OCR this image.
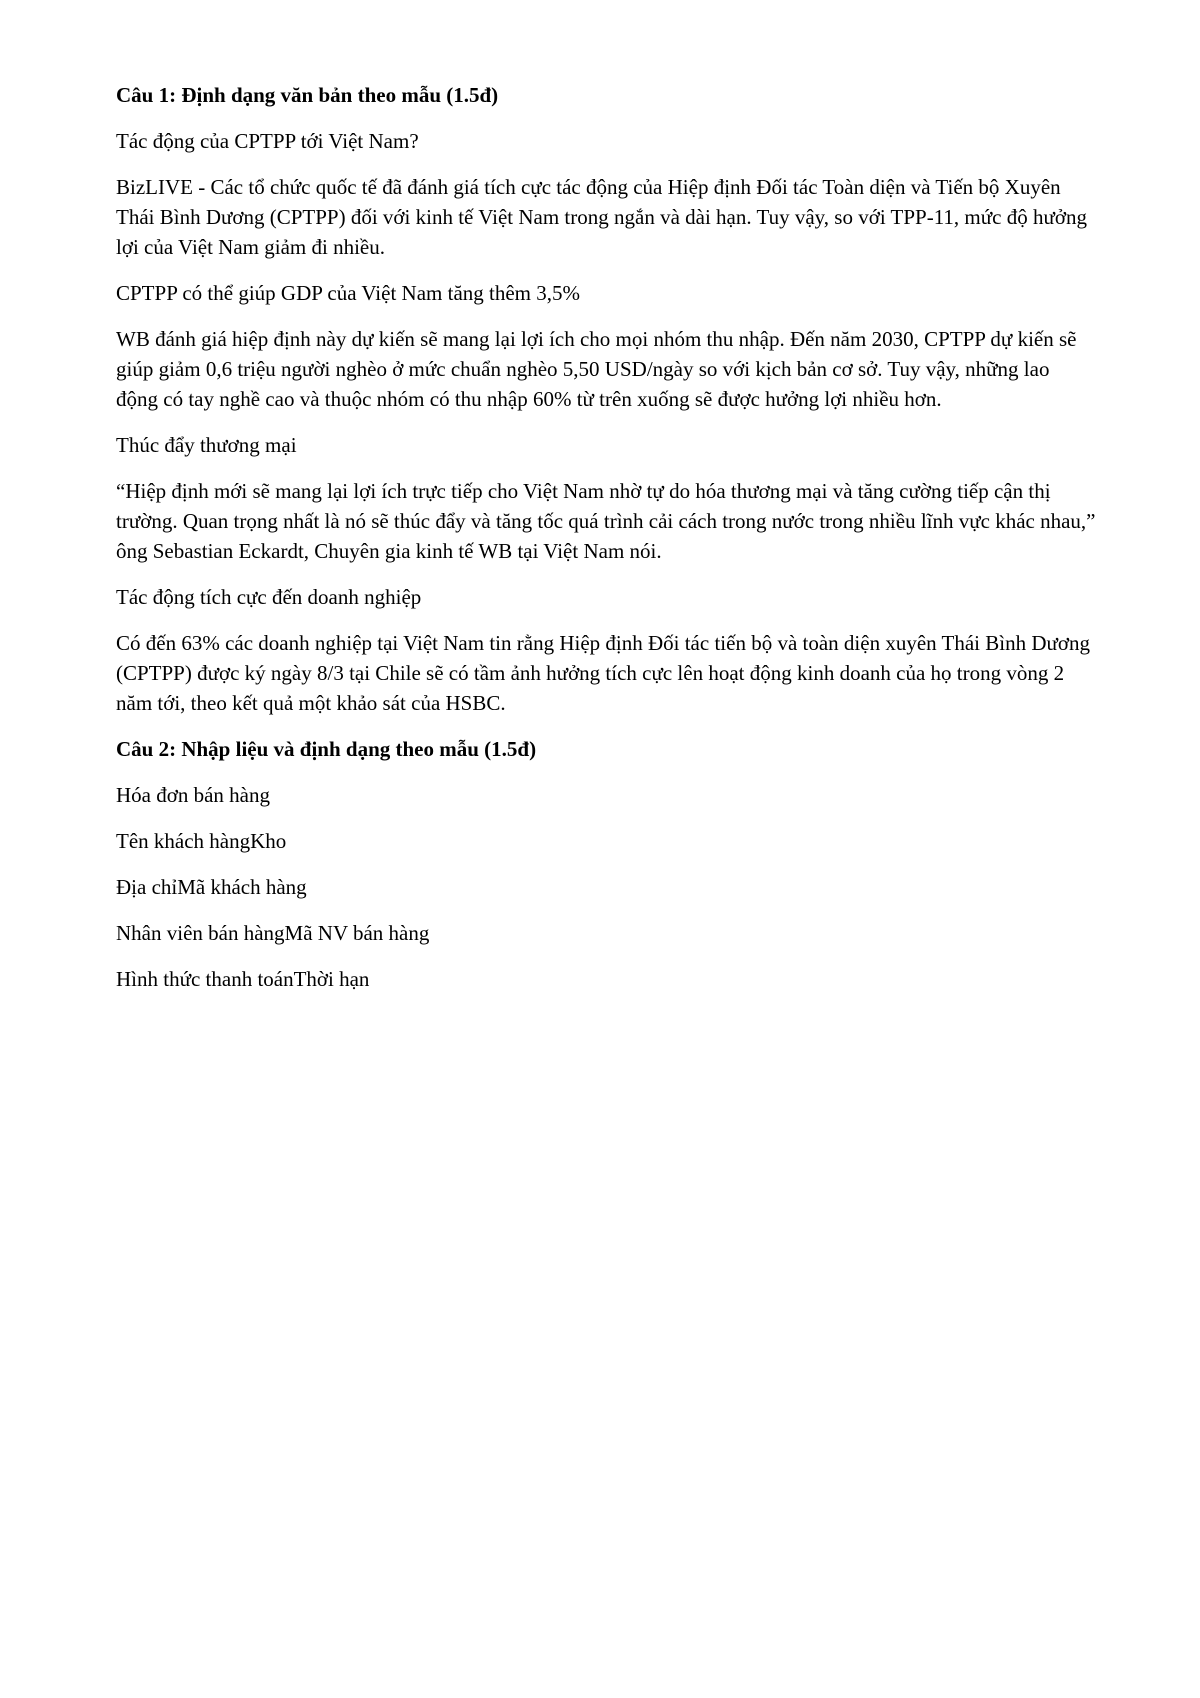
Câu 1: Định dạng văn bản theo mẫu (1.5đ)

Tác động của CPTPP tới Việt Nam?

BizLIVE - Các tổ chức quốc tế đã đánh giá tích cực tác động của Hiệp định Đối tác Toàn diện và Tiến bộ Xuyên Thái Bình Dương (CPTPP) đối với kinh tế Việt Nam trong ngắn và dài hạn. Tuy vậy, so với TPP-11, mức độ hưởng lợi của Việt Nam giảm đi nhiều.

CPTPP có thể giúp GDP của Việt Nam tăng thêm 3,5%

WB đánh giá hiệp định này dự kiến sẽ mang lại lợi ích cho mọi nhóm thu nhập. Đến năm 2030, CPTPP dự kiến sẽ giúp giảm 0,6 triệu người nghèo ở mức chuẩn nghèo 5,50 USD/ngày so với kịch bản cơ sở. Tuy vậy, những lao động có tay nghề cao và thuộc nhóm có thu nhập 60% từ trên xuống sẽ được hưởng lợi nhiều hơn.

Thúc đẩy thương mại

“Hiệp định mới sẽ mang lại lợi ích trực tiếp cho Việt Nam nhờ tự do hóa thương mại và tăng cường tiếp cận thị trường. Quan trọng nhất là nó sẽ thúc đẩy và tăng tốc quá trình cải cách trong nước trong nhiều lĩnh vực khác nhau,” ông Sebastian Eckardt, Chuyên gia kinh tế WB tại Việt Nam nói.

Tác động tích cực đến doanh nghiệp

Có đến 63% các doanh nghiệp tại Việt Nam tin rằng Hiệp định Đối tác tiến bộ và toàn diện xuyên Thái Bình Dương (CPTPP) được ký ngày 8/3 tại Chile sẽ có tầm ảnh hưởng tích cực lên hoạt động kinh doanh của họ trong vòng 2 năm tới, theo kết quả một khảo sát của HSBC.

Câu 2: Nhập liệu và định dạng theo mẫu (1.5đ)

Hóa đơn bán hàng

Tên khách hàngKho

Địa chỉMã khách hàng

Nhân viên bán hàngMã NV bán hàng

Hình thức thanh toánThời hạn
